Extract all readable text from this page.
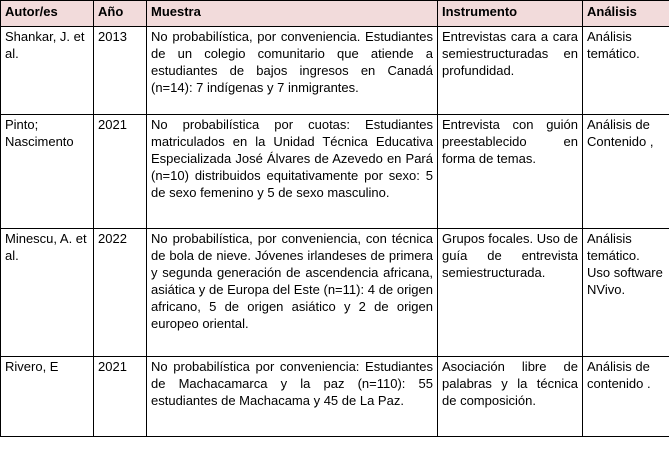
Autor/es	Año	Muestra	Instrumento	Análisis
Shankar, J. et al.	2013	No probabilística, por conveniencia. Estudiantes de un colegio comunitario que atiende a estudiantes de bajos ingresos en Canadá (n=14): 7 indígenas y 7 inmigrantes.	Entrevistas cara a cara semiestructuradas en profundidad.	Análisis temático.
Pinto; Nascimento	2021	No probabilística por cuotas: Estudiantes matriculados en la Unidad Técnica Educativa Especializada José Álvares de Azevedo en Pará (n=10) distribuidos equitativamente por sexo: 5 de sexo femenino y 5 de sexo masculino.	Entrevista con guión preestablecido en forma de temas.	Análisis de Contenido ,
Minescu, A. et al.	2022	No probabilística, por conveniencia, con técnica de bola de nieve. Jóvenes irlandeses de primera y segunda generación de ascendencia africana, asiática y de Europa del Este (n=11): 4 de origen africano, 5 de origen asiático y 2 de origen europeo oriental.	Grupos focales. Uso de guía de entrevista semiestructurada.	Análisis temático. Uso software NVivo.
Rivero, E	2021	No probabilística por conveniencia: Estudiantes de Machacamarca y la paz (n=110): 55 estudiantes de Machacama y 45 de La Paz.	Asociación libre de palabras y la técnica de composición.	Análisis de contenido .
